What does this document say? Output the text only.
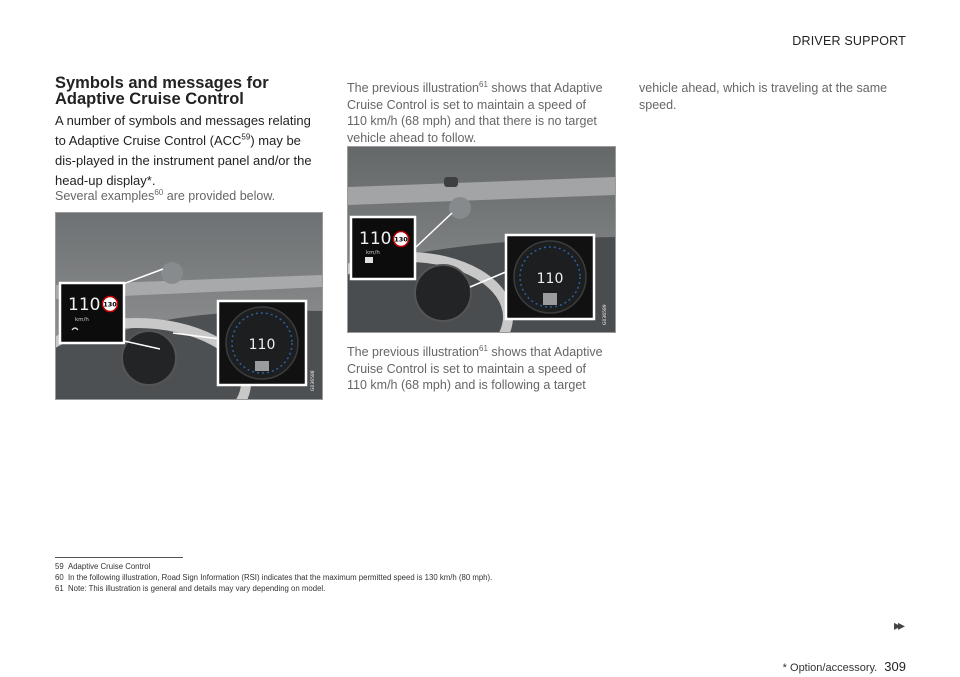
DRIVER SUPPORT
Symbols and messages for Adaptive Cruise Control
A number of symbols and messages relating to Adaptive Cruise Control (ACC$^{59}$) may be dis-played in the instrument panel and/or the head-up display*.
Several examples$^{60}$ are provided below.
110
km/h
130
110
G036588
The previous illustration$^{61}$ shows that Adaptive Cruise Control is set to maintain a speed of 110 km/h (68 mph) and that there is no target vehicle ahead to follow.
110
km/h
130
110
G036589
The previous illustration$^{61}$ shows that Adaptive Cruise Control is set to maintain a speed of 110 km/h (68 mph) and is following a target
vehicle ahead, which is traveling at the same speed.
59 Adaptive Cruise Control
60 In the following illustration, Road Sign Information (RSI) indicates that the maximum permitted speed is 130 km/h (80 mph).
61 Note: This illustration is general and details may vary depending on model.
▸▸
* Option/accessory. 309
